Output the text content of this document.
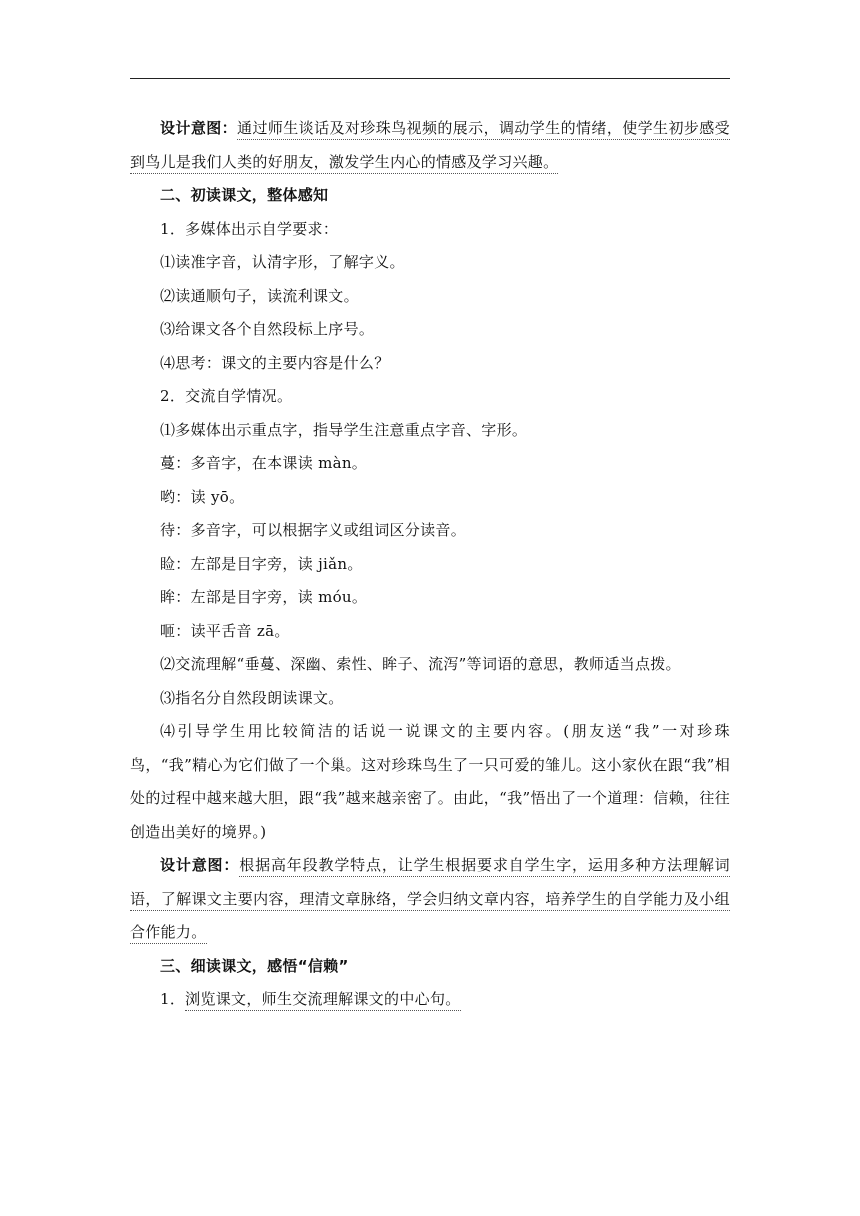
设计意图：通过师生谈话及对珍珠鸟视频的展示，调动学生的情绪，使学生初步感受到鸟儿是我们人类的好朋友，激发学生内心的情感及学习兴趣。

二、初读课文，整体感知

1．多媒体出示自学要求：

⑴读准字音，认清字形，了解字义。

⑵读通顺句子，读流利课文。

⑶给课文各个自然段标上序号。

⑷思考：课文的主要内容是什么？

2．交流自学情况。

⑴多媒体出示重点字，指导学生注意重点字音、字形。

蔓：多音字，在本课读 màn。

哟：读 yō。

待：多音字，可以根据字义或组词区分读音。

睑：左部是目字旁，读 jiǎn。

眸：左部是目字旁，读 móu。

咂：读平舌音 zā。

⑵交流理解“垂蔓、深幽、索性、眸子、流泻”等词语的意思，教师适当点拨。

⑶指名分自然段朗读课文。

⑷引导学生用比较简洁的话说一说课文的主要内容。(朋友送“我”一对珍珠鸟，“我”精心为它们做了一个巢。这对珍珠鸟生了一只可爱的雏儿。这小家伙在跟“我”相处的过程中越来越大胆，跟“我”越来越亲密了。由此，“我”悟出了一个道理：信赖，往往创造出美好的境界。)

设计意图：根据高年段教学特点，让学生根据要求自学生字，运用多种方法理解词语，了解课文主要内容，理清文章脉络，学会归纳文章内容，培养学生的自学能力及小组合作能力。

三、细读课文，感悟“信赖”

1．浏览课文，师生交流理解课文的中心句。
